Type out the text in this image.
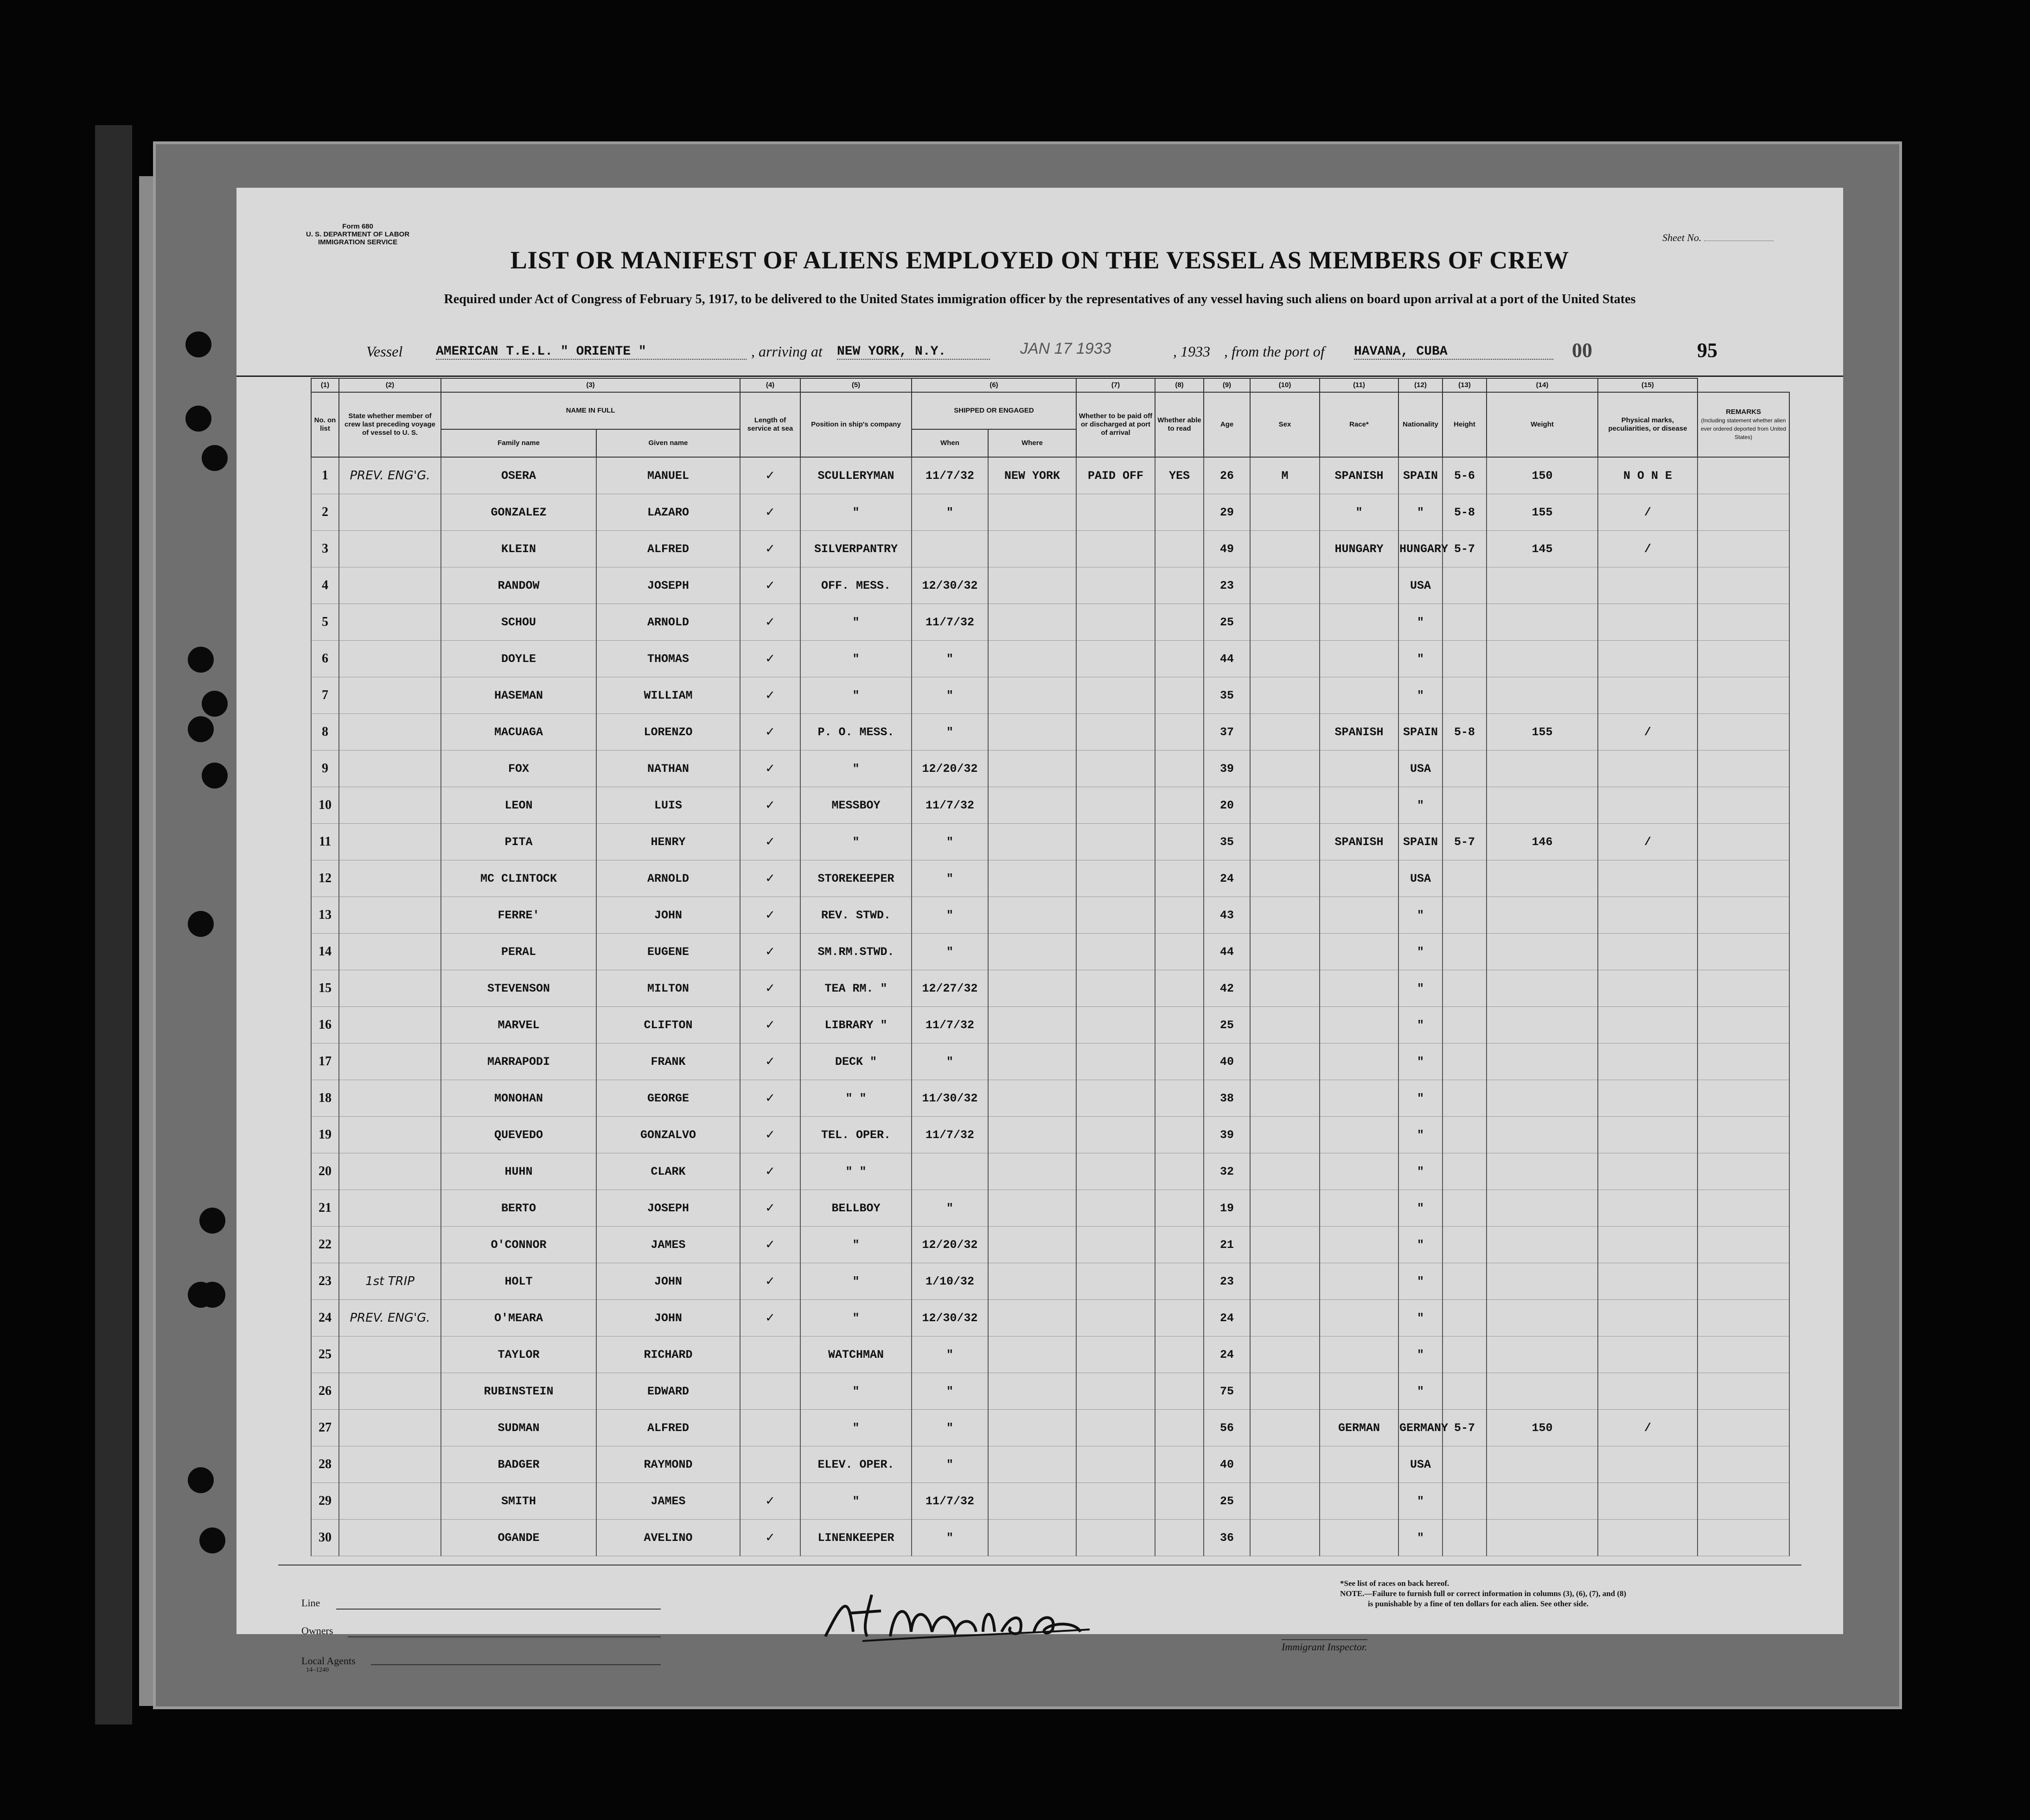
Form 680
U. S. DEPARTMENT OF LABOR
IMMIGRATION SERVICE	Sheet No.
LIST OR MANIFEST OF ALIENS EMPLOYED ON THE VESSEL AS MEMBERS OF CREW
Required under Act of Congress of February 5, 1917, to be delivered to the United States immigration officer by the representatives of any vessel having such aliens on board upon arrival at a port of the United States
Vessel	AMERICAN T.E.L. " ORIENTE "	, arriving at NEW YORK, N.Y.	JAN 17 1933	, 1933 , from the port of HAVANA, CUBA	00	95
(1)	(2)	(3)		(4)	(5)	(6)		(7)	(8)	(9)	(10)	(11)	(12)	(13)	(14)	(15)	
No. on list	State whether member of crew last preceding voyage of vessel to U. S.	NAME IN FULL		Length of service at sea	Position in ship's company	SHIPPED OR ENGAGED		Whether to be paid off or discharged at port of arrival	Whether able to read	Age	Sex	Race*	Nationality	Height	Weight	Physical marks, peculiarities, or disease	REMARKS
(Including statement whether alien ever ordered deported from United States)

		Family name	Given name			When	Where										
1	PREV. ENG'G.	OSERA	MANUEL	✓	SCULLERYMAN	11/7/32	NEW YORK	PAID OFF	YES	26	M	SPANISH	SPAIN	5-6	150	N O N E	
2		GONZALEZ	LAZARO	✓	"	"				29		"	"	5-8	155	/	
3		KLEIN	ALFRED	✓	SILVERPANTRY					49		HUNGARY	HUNGARY	5-7	145	/	
4		RANDOW	JOSEPH	✓	OFF. MESS.	12/30/32				23			USA				
5		SCHOU	ARNOLD	✓	"	11/7/32				25			"				
6		DOYLE	THOMAS	✓	"	"				44			"				
7		HASEMAN	WILLIAM	✓	"	"				35			"				
8		MACUAGA	LORENZO	✓	P. O. MESS.	"				37		SPANISH	SPAIN	5-8	155	/	
9		FOX	NATHAN	✓	"	12/20/32				39			USA				
10		LEON	LUIS	✓	MESSBOY	11/7/32				20			"				
11		PITA	HENRY	✓	"	"				35		SPANISH	SPAIN	5-7	146	/	
12		MC CLINTOCK	ARNOLD	✓	STOREKEEPER	"				24			USA				
13		FERRE'	JOHN	✓	REV. STWD.	"				43			"				
14		PERAL	EUGENE	✓	SM.RM.STWD.	"				44			"				
15		STEVENSON	MILTON	✓	TEA RM. "	12/27/32				42			"				
16		MARVEL	CLIFTON	✓	LIBRARY "	11/7/32				25			"				
17		MARRAPODI	FRANK	✓	DECK "	"				40			"				
18		MONOHAN	GEORGE	✓	" "	11/30/32				38			"				
19		QUEVEDO	GONZALVO	✓	TEL. OPER.	11/7/32				39			"				
20		HUHN	CLARK	✓	" "					32			"				
21		BERTO	JOSEPH	✓	BELLBOY	"				19			"				
22		O'CONNOR	JAMES	✓	"	12/20/32				21			"				
23	1st TRIP	HOLT	JOHN	✓	"	1/10/32				23			"				
24	PREV. ENG'G.	O'MEARA	JOHN	✓	"	12/30/32				24			"				
25		TAYLOR	RICHARD		WATCHMAN	"				24			"				
26		RUBINSTEIN	EDWARD		"	"				75			"				
27		SUDMAN	ALFRED		"	"				56		GERMAN	GERMANY	5-7	150	/	
28		BADGER	RAYMOND		ELEV. OPER.	"				40			USA				
29		SMITH	JAMES	✓	"	11/7/32				25			"				
30		OGANDE	AVELINO	✓	LINENKEEPER	"				36			"				
Line
Owners
Local Agents
14–1240
Immigrant Inspector.
*See list of races on back hereof.
NOTE.—Failure to furnish full or correct information in columns (3), (6), (7), and (8)
is punishable by a fine of ten dollars for each alien. See other side.
